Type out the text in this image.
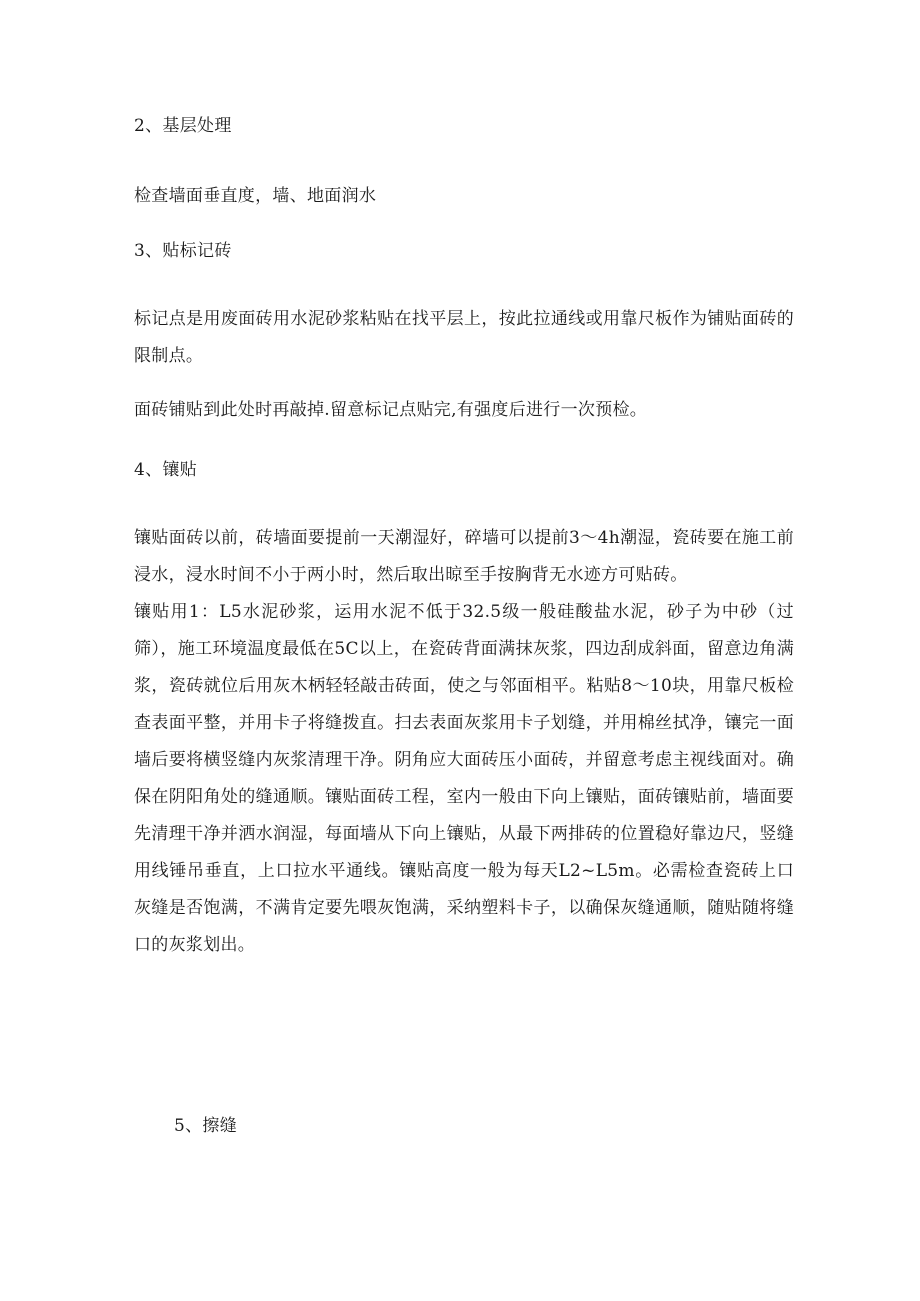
2、基层处理
检查墙面垂直度，墙、地面润水
3、贴标记砖
标记点是用废面砖用水泥砂浆粘贴在找平层上，按此拉通线或用靠尺板作为铺贴面砖的限制点。
面砖铺贴到此处时再敲掉.留意标记点贴完,有强度后进行一次预检。
4、镶贴
镶贴面砖以前，砖墙面要提前一天潮湿好，碎墙可以提前3～4h潮湿，瓷砖要在施工前浸水，浸水时间不小于两小时，然后取出晾至手按胸背无水迹方可贴砖。
镶贴用1：L5水泥砂浆，运用水泥不低于32.5级一般硅酸盐水泥，砂子为中砂（过筛），施工环境温度最低在5C以上，在瓷砖背面满抹灰浆，四边刮成斜面，留意边角满浆，瓷砖就位后用灰木柄轻轻敲击砖面，使之与邻面相平。粘贴8～10块，用靠尺板检查表面平整，并用卡子将缝拨直。扫去表面灰浆用卡子划缝，并用棉丝拭净，镶完一面墙后要将横竖缝内灰浆清理干净。阴角应大面砖压小面砖，并留意考虑主视线面对。确保在阴阳角处的缝通顺。镶贴面砖工程，室内一般由下向上镶贴，面砖镶贴前，墙面要先清理干净并洒水润湿，每面墙从下向上镶贴，从最下两排砖的位置稳好靠边尺，竖缝用线锤吊垂直，上口拉水平通线。镶贴高度一般为每天L2~L5m。必需检查瓷砖上口灰缝是否饱满，不满肯定要先喂灰饱满，采纳塑料卡子，以确保灰缝通顺，随贴随将缝口的灰浆划出。
5、擦缝
